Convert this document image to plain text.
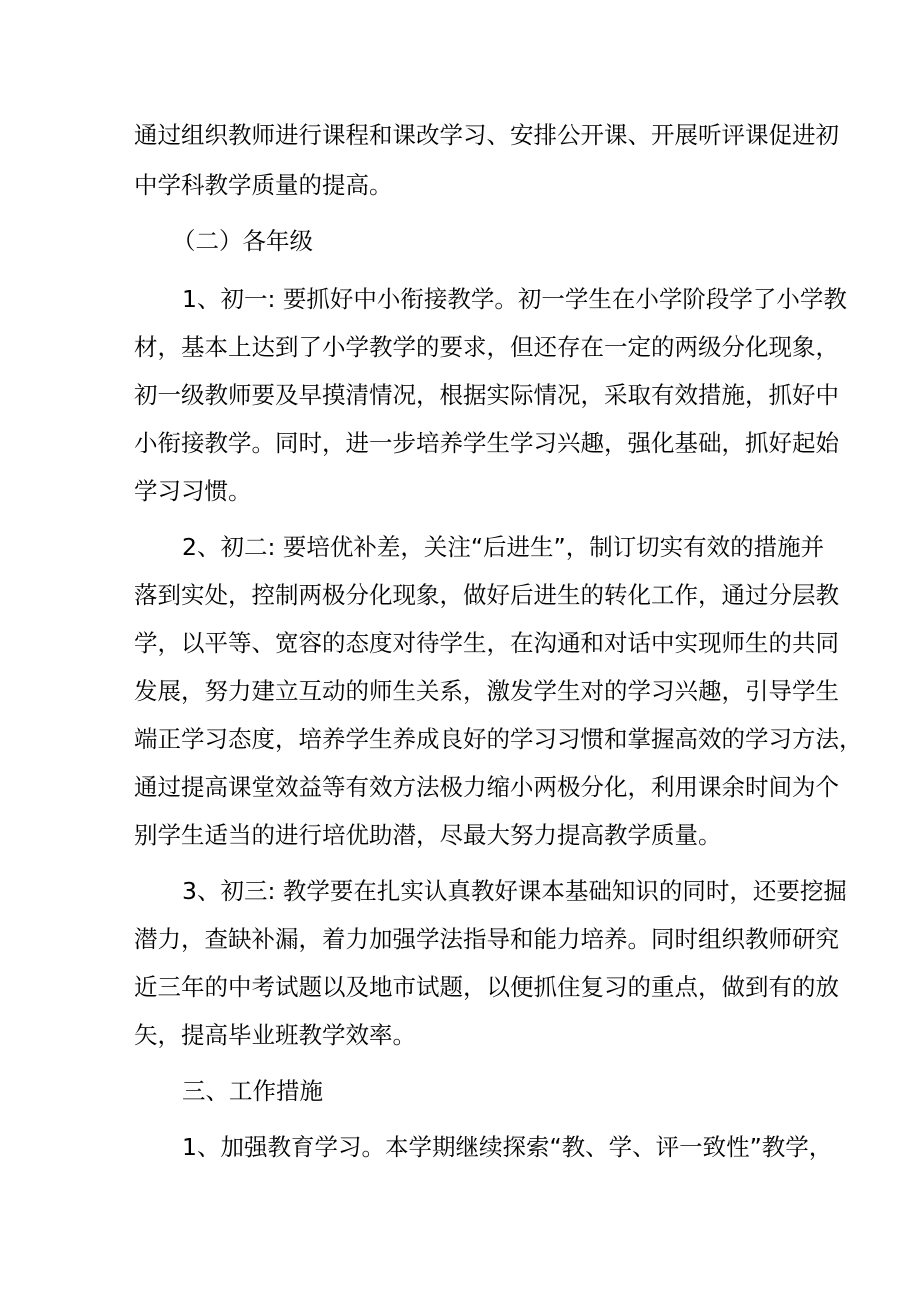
通过组织教师进行课程和课改学习、安排公开课、开展听评课促进初
中学科教学质量的提高。
（二）各年级
1、初一: 要抓好中小衔接教学。初一学生在小学阶段学了小学教
材，基本上达到了小学教学的要求，但还存在一定的两级分化现象，
初一级教师要及早摸清情况，根据实际情况，采取有效措施，抓好中
小衔接教学。同时，进一步培养学生学习兴趣，强化基础，抓好起始
学习习惯。
2、初二: 要培优补差，关注“后进生”，制订切实有效的措施并
落到实处，控制两极分化现象，做好后进生的转化工作，通过分层教
学，以平等、宽容的态度对待学生，在沟通和对话中实现师生的共同
发展，努力建立互动的师生关系，激发学生对的学习兴趣，引导学生
端正学习态度，培养学生养成良好的学习习惯和掌握高效的学习方法，
通过提高课堂效益等有效方法极力缩小两极分化，利用课余时间为个
别学生适当的进行培优助潜，尽最大努力提高教学质量。
3、初三: 教学要在扎实认真教好课本基础知识的同时，还要挖掘
潜力，查缺补漏，着力加强学法指导和能力培养。同时组织教师研究
近三年的中考试题以及地市试题，以便抓住复习的重点，做到有的放
矢，提高毕业班教学效率。
三、工作措施
1、加强教育学习。本学期继续探索“教、学、评一致性”教学，
